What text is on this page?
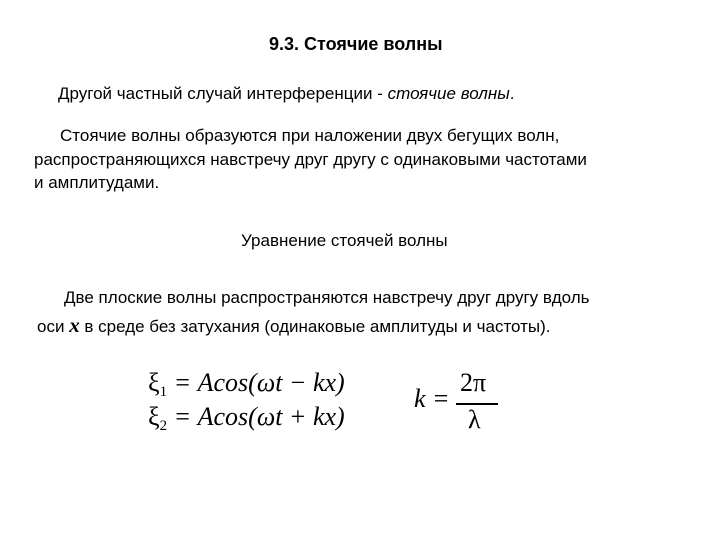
9.3. Стоячие волны
Другой частный случай интерференции - стоячие волны.
Стоячие волны образуются при наложении двух бегущих волн,
распространяющихся навстречу друг другу с одинаковыми частотами
и амплитудами.
Уравнение стоячей волны
Две плоские волны распространяются навстречу друг другу вдоль
оси x в среде без затухания (одинаковые амплитуды и частоты).
$\xi_1 = Acos(\omega t - kx)$
$\xi_2 = Acos(\omega t + kx)$
k =
2π
λ
